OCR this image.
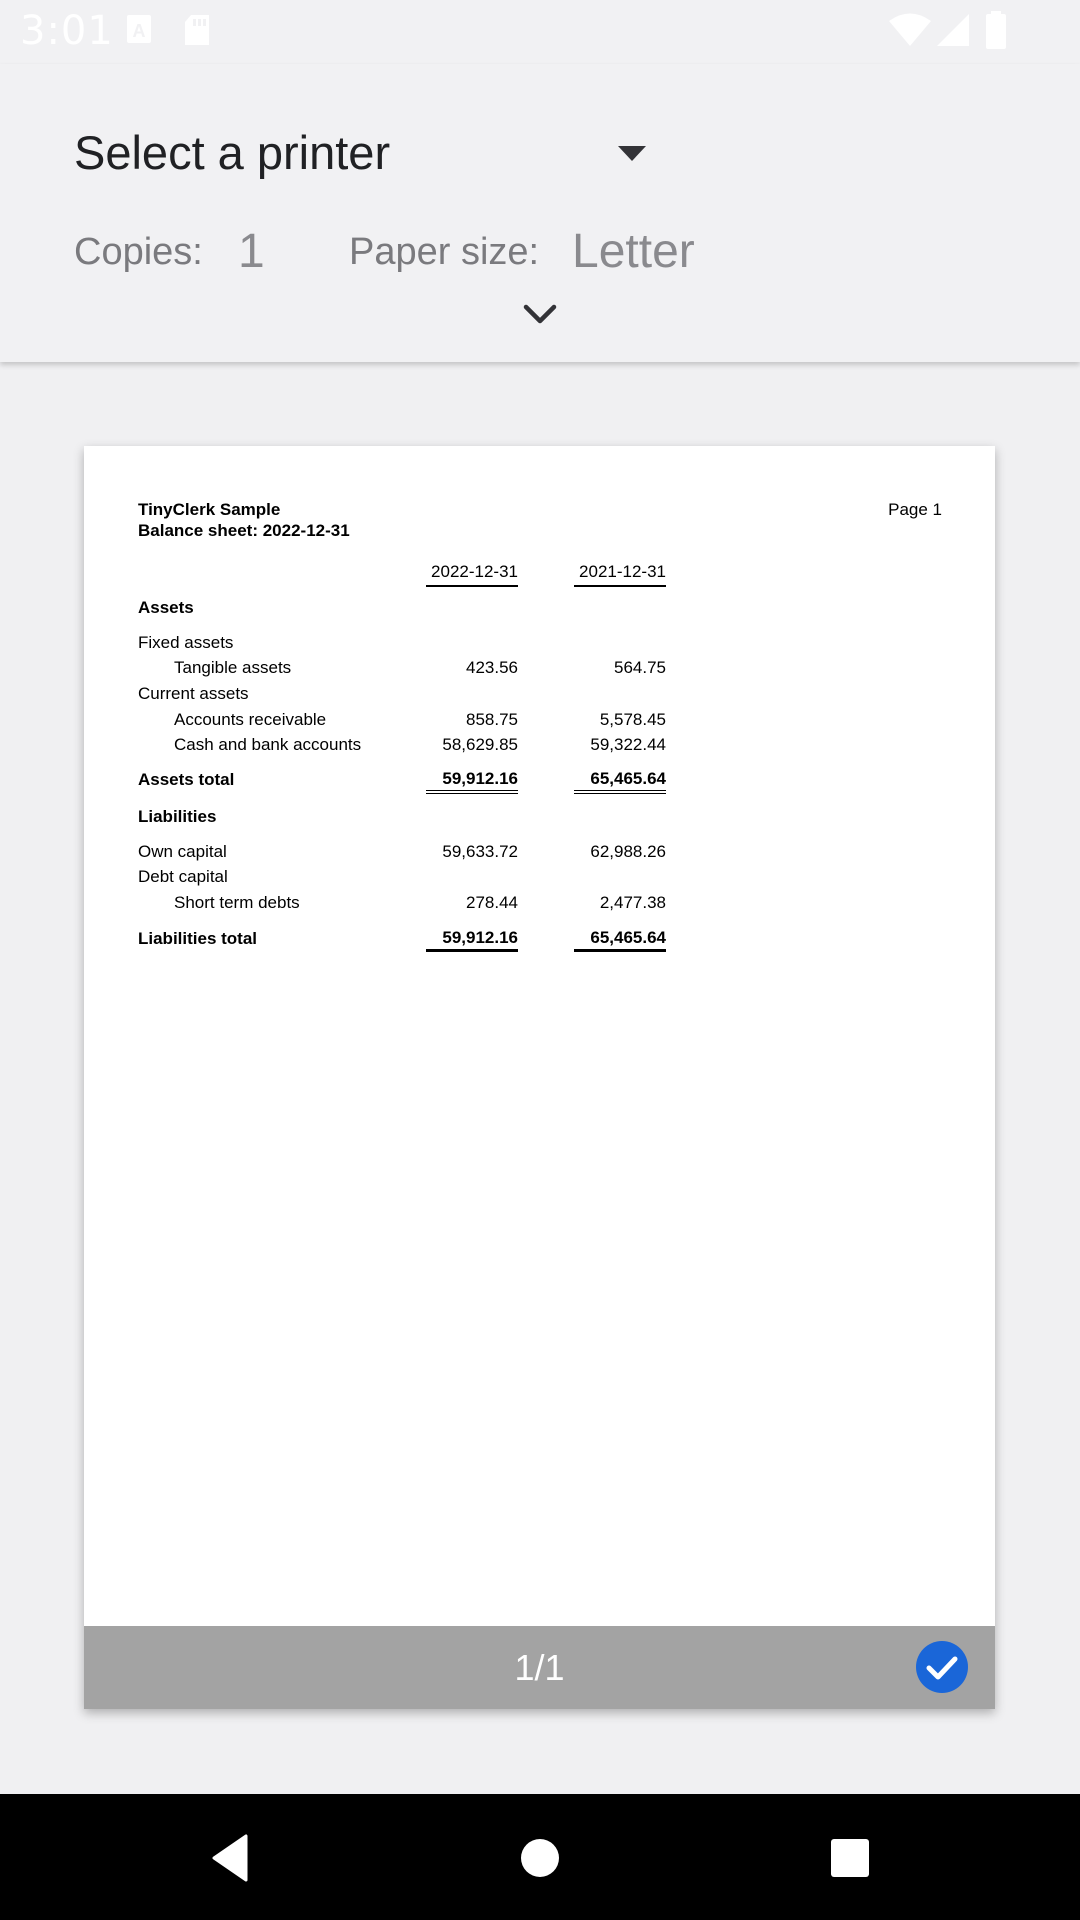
3:01 A
Select a printer
Copies: 1 Paper size: Letter
TinyClerk Sample
Balance sheet: 2022-12-31
Page 1
2022-12-31	2021-12-31
Assets
Fixed assets
Tangible assets	423.56	564.75
Current assets
Accounts receivable	858.75	5,578.45
Cash and bank accounts	58,629.85	59,322.44
Assets total	59,912.16	65,465.64
Liabilities
Own capital	59,633.72	62,988.26
Debt capital
Short term debts	278.44	2,477.38
Liabilities total	59,912.16	65,465.64
1/1
